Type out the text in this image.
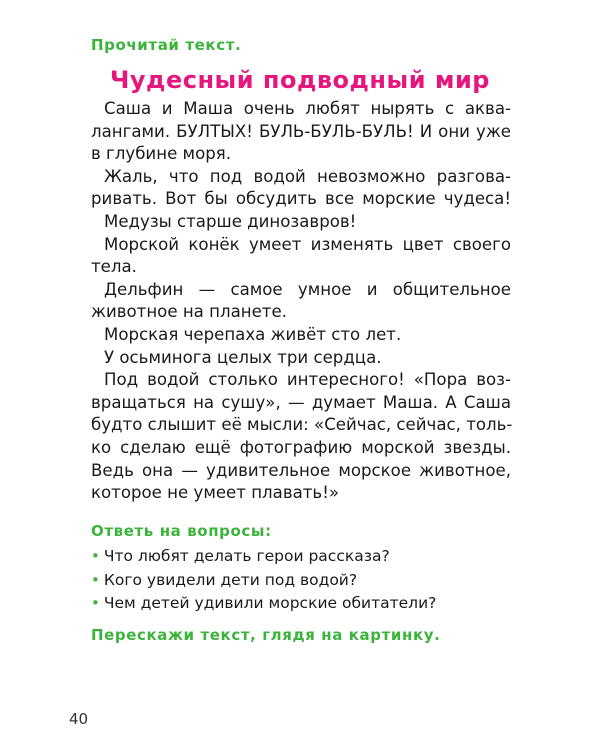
Прочитай текст.

Чудесный подводный мир
Саша и Маша очень любят нырять с аква-
лангами. БУЛТЫХ! БУЛЬ-БУЛЬ-БУЛЬ! И они уже
в глубине моря.
Жаль, что под водой невозможно разгова-
ривать. Вот бы обсудить все морские чудеса!
Медузы старше динозавров!
Морской конёк умеет изменять цвет своего
тела.
Дельфин — самое умное и общительное
животное на планете.
Морская черепаха живёт сто лет.
У осьминога целых три сердца.
Под водой столько интересного! «Пора воз-
вращаться на сушу», — думает Маша. А Саша
будто слышит её мысли: «Сейчас, сейчас, толь-
ко сделаю ещё фотографию морской звезды.
Ведь она — удивительное морское животное,
которое не умеет плавать!»

Ответь на вопросы:

• Что любят делать герои рассказа?
• Кого увидели дети под водой?
• Чем детей удивили морские обитатели?

Перескажи текст, глядя на картинку.

40
